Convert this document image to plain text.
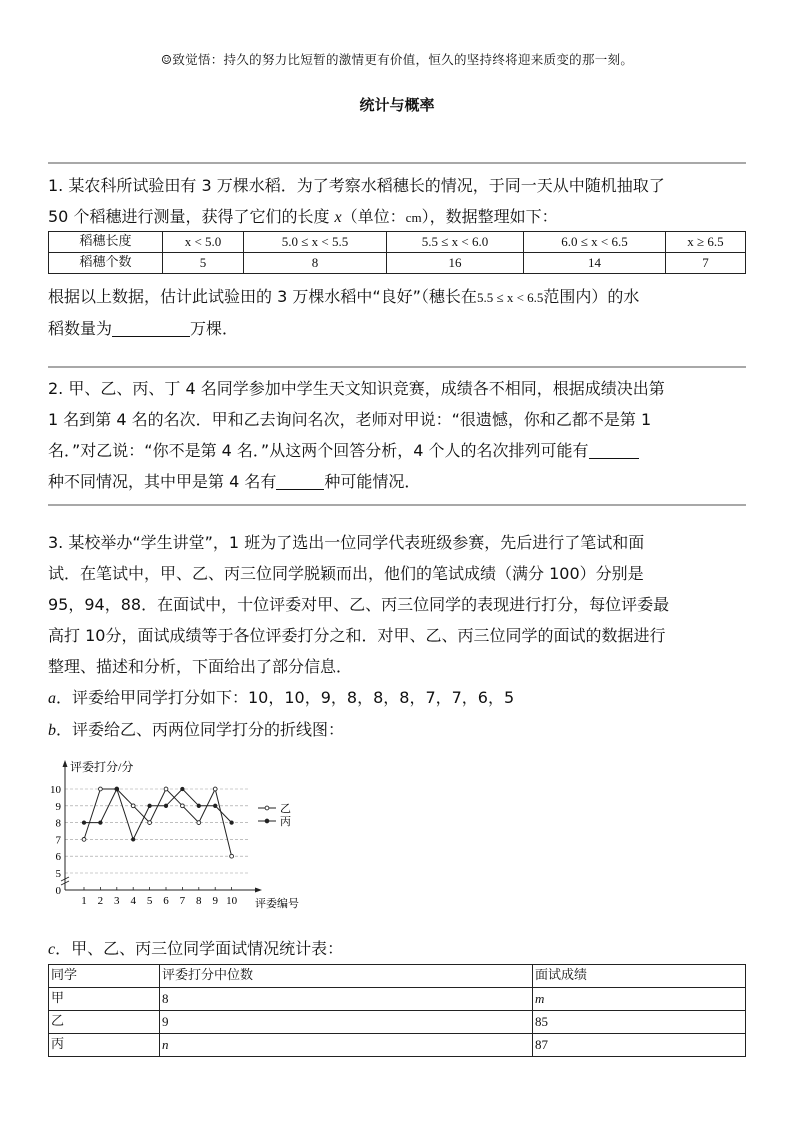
☺致觉悟：持久的努力比短暂的激情更有价值，恒久的坚持终将迎来质变的那一刻。
统计与概率

1. 某农科所试验田有 3 万棵水稻．为了考察水稻穗长的情况，于同一天从中随机抽取了

50 个稻穗进行测量，获得了它们的长度 x（单位：cm），数据整理如下：

稻穗长度	x < 5.0	5.0 ≤ x < 5.5	5.5 ≤ x < 6.0	6.0 ≤ x < 6.5	x ≥ 6.5
稻穗个数	5	8	16	14	7

根据以上数据，估计此试验田的 3 万棵水稻中“良好”（穗长在5.5 ≤ x < 6.5范围内）的水

稻数量为	万棵．

2. 甲、乙、丙、丁 4 名同学参加中学生天文知识竞赛，成绩各不相同，根据成绩决出第

1 名到第 4 名的名次．甲和乙去询问名次，老师对甲说：“很遗憾，你和乙都不是第 1

名．”对乙说：“你不是第 4 名．”从这两个回答分析，4 个人的名次排列可能有

种不同情况，其中甲是第 4 名有	种可能情况．

3. 某校举办“学生讲堂”，1 班为了选出一位同学代表班级参赛，先后进行了笔试和面

试．在笔试中，甲、乙、丙三位同学脱颖而出，他们的笔试成绩（满分 100）分别是

95，94，88．在面试中，十位评委对甲、乙、丙三位同学的表现进行打分，每位评委最

高打 10分，面试成绩等于各位评委打分之和．对甲、乙、丙三位同学的面试的数据进行

整理、描述和分析，下面给出了部分信息．

a．评委给甲同学打分如下：10，10，9，8，8，8，7，7，6，5

b．评委给乙、丙两位同学打分的折线图：

评委打分/分
评委编号
0
5
6
7
8
9
10
1 2 3 4 5 6 7 8 9 10
乙
丙

c．甲、乙、丙三位同学面试情况统计表：

同学	评委打分中位数	面试成绩
甲	8	m
乙	9	85
丙	n	87
